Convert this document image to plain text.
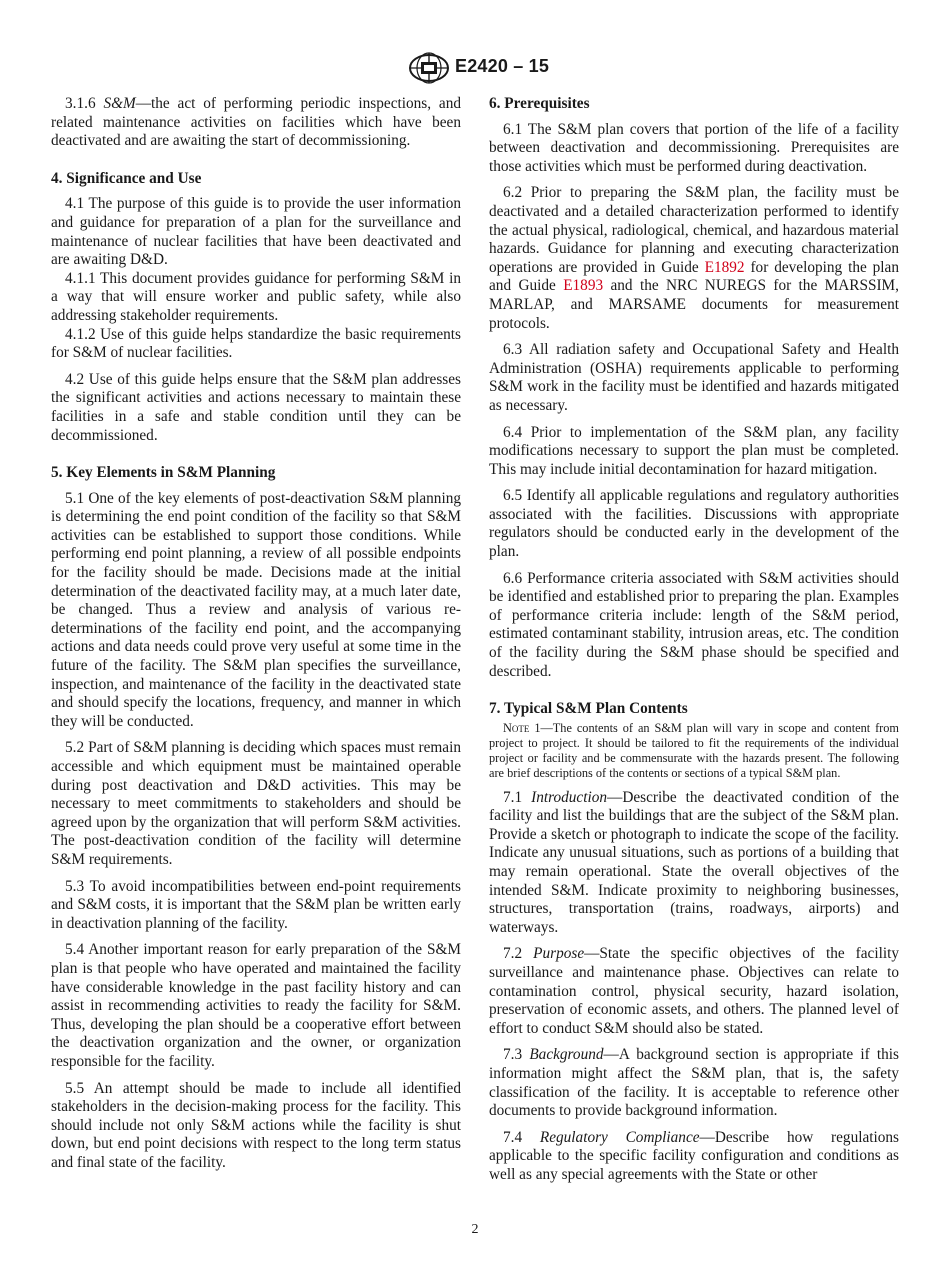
E2420 – 15

3.1.6 S&M—the act of performing periodic inspections, and related maintenance activities on facilities which have been deactivated and are awaiting the start of decommissioning.

4. Significance and Use

4.1 The purpose of this guide is to provide the user information and guidance for preparation of a plan for the surveillance and maintenance of nuclear facilities that have been deactivated and are awaiting D&D.

4.1.1 This document provides guidance for performing S&M in a way that will ensure worker and public safety, while also addressing stakeholder requirements.

4.1.2 Use of this guide helps standardize the basic requirements for S&M of nuclear facilities.

4.2 Use of this guide helps ensure that the S&M plan addresses the significant activities and actions necessary to maintain these facilities in a safe and stable condition until they can be decommissioned.

5. Key Elements in S&M Planning

5.1 One of the key elements of post-deactivation S&M planning is determining the end point condition of the facility so that S&M activities can be established to support those conditions. While performing end point planning, a review of all possible endpoints for the facility should be made. Decisions made at the initial determination of the deactivated facility may, at a much later date, be changed. Thus a review and analysis of various re-determinations of the facility end point, and the accompanying actions and data needs could prove very useful at some time in the future of the facility. The S&M plan specifies the surveillance, inspection, and maintenance of the facility in the deactivated state and should specify the locations, frequency, and manner in which they will be conducted.

5.2 Part of S&M planning is deciding which spaces must remain accessible and which equipment must be maintained operable during post deactivation and D&D activities. This may be necessary to meet commitments to stakeholders and should be agreed upon by the organization that will perform S&M activities. The post-deactivation condition of the facility will determine S&M requirements.

5.3 To avoid incompatibilities between end-point requirements and S&M costs, it is important that the S&M plan be written early in deactivation planning of the facility.

5.4 Another important reason for early preparation of the S&M plan is that people who have operated and maintained the facility have considerable knowledge in the past facility history and can assist in recommending activities to ready the facility for S&M. Thus, developing the plan should be a cooperative effort between the deactivation organization and the owner, or organization responsible for the facility.

5.5 An attempt should be made to include all identified stakeholders in the decision-making process for the facility. This should include not only S&M actions while the facility is shut down, but end point decisions with respect to the long term status and final state of the facility.

6. Prerequisites

6.1 The S&M plan covers that portion of the life of a facility between deactivation and decommissioning. Prerequisites are those activities which must be performed during deactivation.

6.2 Prior to preparing the S&M plan, the facility must be deactivated and a detailed characterization performed to identify the actual physical, radiological, chemical, and hazardous material hazards. Guidance for planning and executing characterization operations are provided in Guide E1892 for developing the plan and Guide E1893 and the NRC NUREGS for the MARSSIM, MARLAP, and MARSAME documents for measurement protocols.

6.3 All radiation safety and Occupational Safety and Health Administration (OSHA) requirements applicable to performing S&M work in the facility must be identified and hazards mitigated as necessary.

6.4 Prior to implementation of the S&M plan, any facility modifications necessary to support the plan must be completed. This may include initial decontamination for hazard mitigation.

6.5 Identify all applicable regulations and regulatory authorities associated with the facilities. Discussions with appropriate regulators should be conducted early in the development of the plan.

6.6 Performance criteria associated with S&M activities should be identified and established prior to preparing the plan. Examples of performance criteria include: length of the S&M period, estimated contaminant stability, intrusion areas, etc. The condition of the facility during the S&M phase should be specified and described.

7. Typical S&M Plan Contents

Note 1—The contents of an S&M plan will vary in scope and content from project to project. It should be tailored to fit the requirements of the individual project or facility and be commensurate with the hazards present. The following are brief descriptions of the contents or sections of a typical S&M plan.

7.1 Introduction—Describe the deactivated condition of the facility and list the buildings that are the subject of the S&M plan. Provide a sketch or photograph to indicate the scope of the facility. Indicate any unusual situations, such as portions of a building that may remain operational. State the overall objectives of the intended S&M. Indicate proximity to neighboring businesses, structures, transportation (trains, roadways, airports) and waterways.

7.2 Purpose—State the specific objectives of the facility surveillance and maintenance phase. Objectives can relate to contamination control, physical security, hazard isolation, preservation of economic assets, and others. The planned level of effort to conduct S&M should also be stated.

7.3 Background—A background section is appropriate if this information might affect the S&M plan, that is, the safety classification of the facility. It is acceptable to reference other documents to provide background information.

7.4 Regulatory Compliance—Describe how regulations applicable to the specific facility configuration and conditions as well as any special agreements with the State or other

2
